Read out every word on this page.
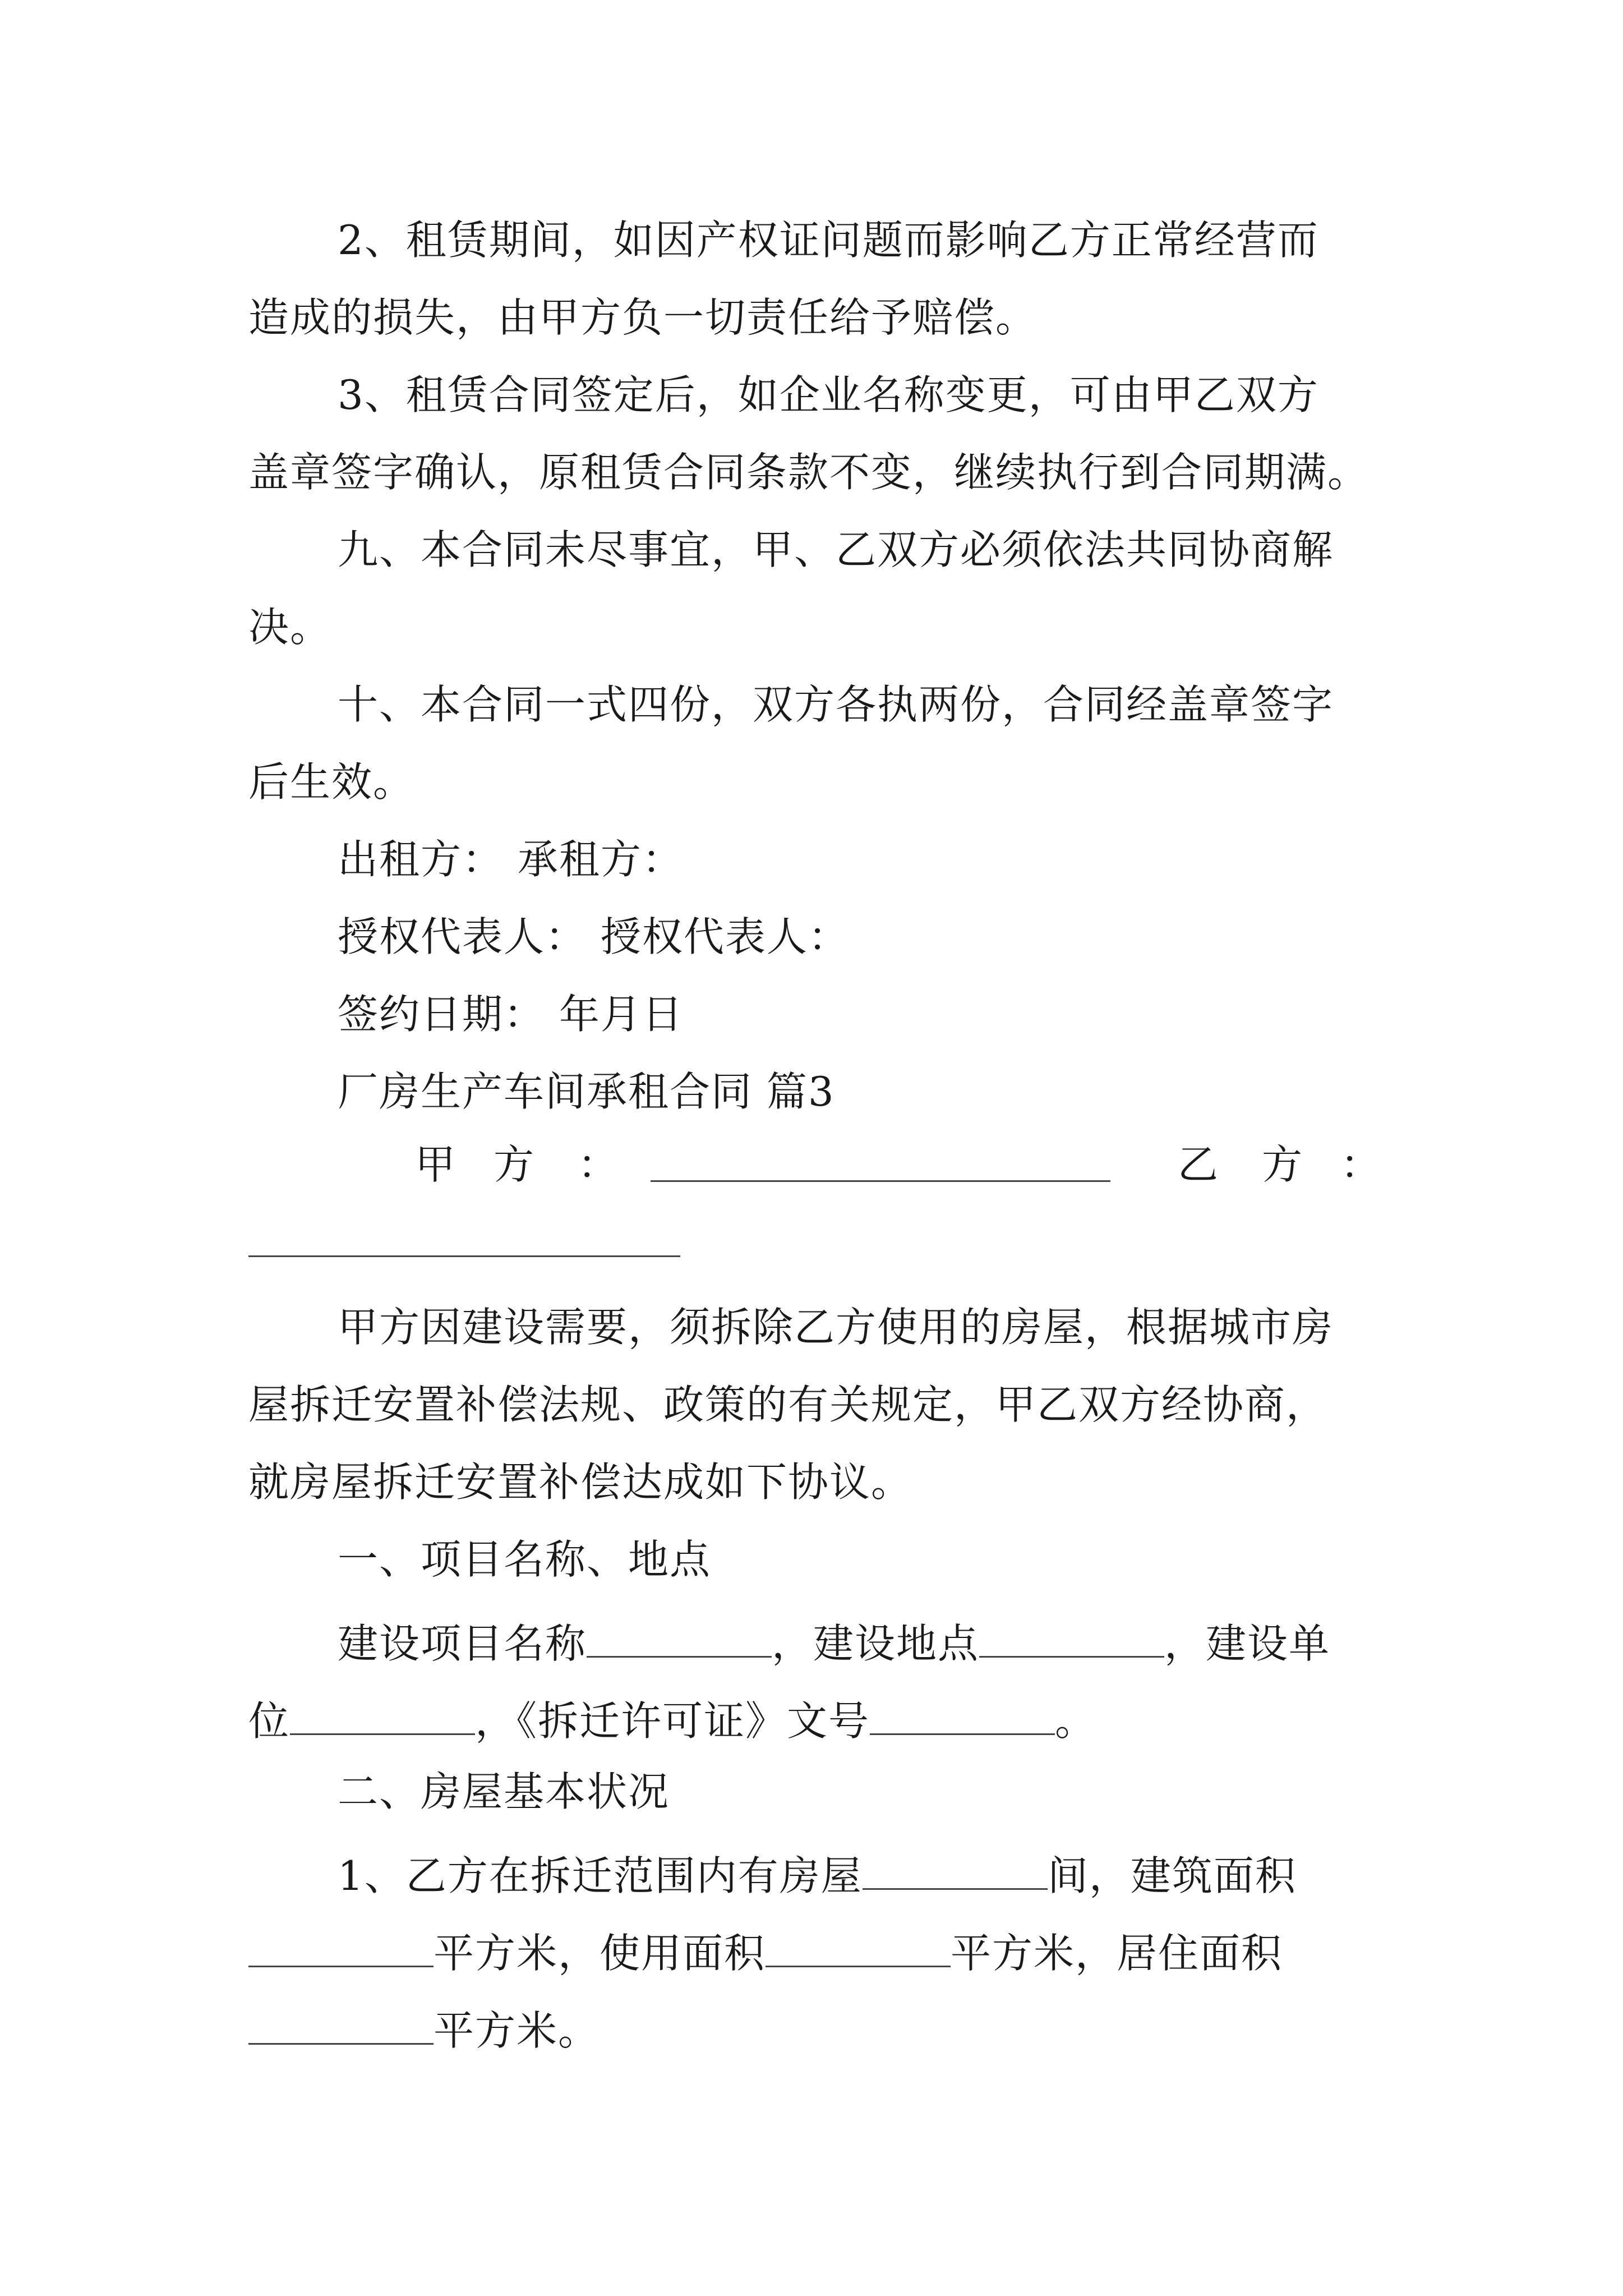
2、租赁期间，如因产权证问题而影响乙方正常经营而
造成的损失，由甲方负一切责任给予赔偿。
3、租赁合同签定后，如企业名称变更，可由甲乙双方
盖章签字确认，原租赁合同条款不变，继续执行到合同期满。
九、本合同未尽事宜，甲、乙双方必须依法共同协商解
决。
十、本合同一式四份，双方各执两份，合同经盖章签字
后生效。
出租方： 承租方：
授权代表人： 授权代表人：
签约日期： 年月日
厂房生产车间承租合同 篇3
甲 方 ：	乙 方 ：
甲方因建设需要，须拆除乙方使用的房屋，根据城市房
屋拆迁安置补偿法规、政策的有关规定，甲乙双方经协商，
就房屋拆迁安置补偿达成如下协议。
一、项目名称、地点
建设项目名称	，建设地点	，建设单
位	，《拆迁许可证》文号	。
二、房屋基本状况
1、乙方在拆迁范围内有房屋	间，建筑面积
平方米，使用面积	平方米，居住面积
平方米。
